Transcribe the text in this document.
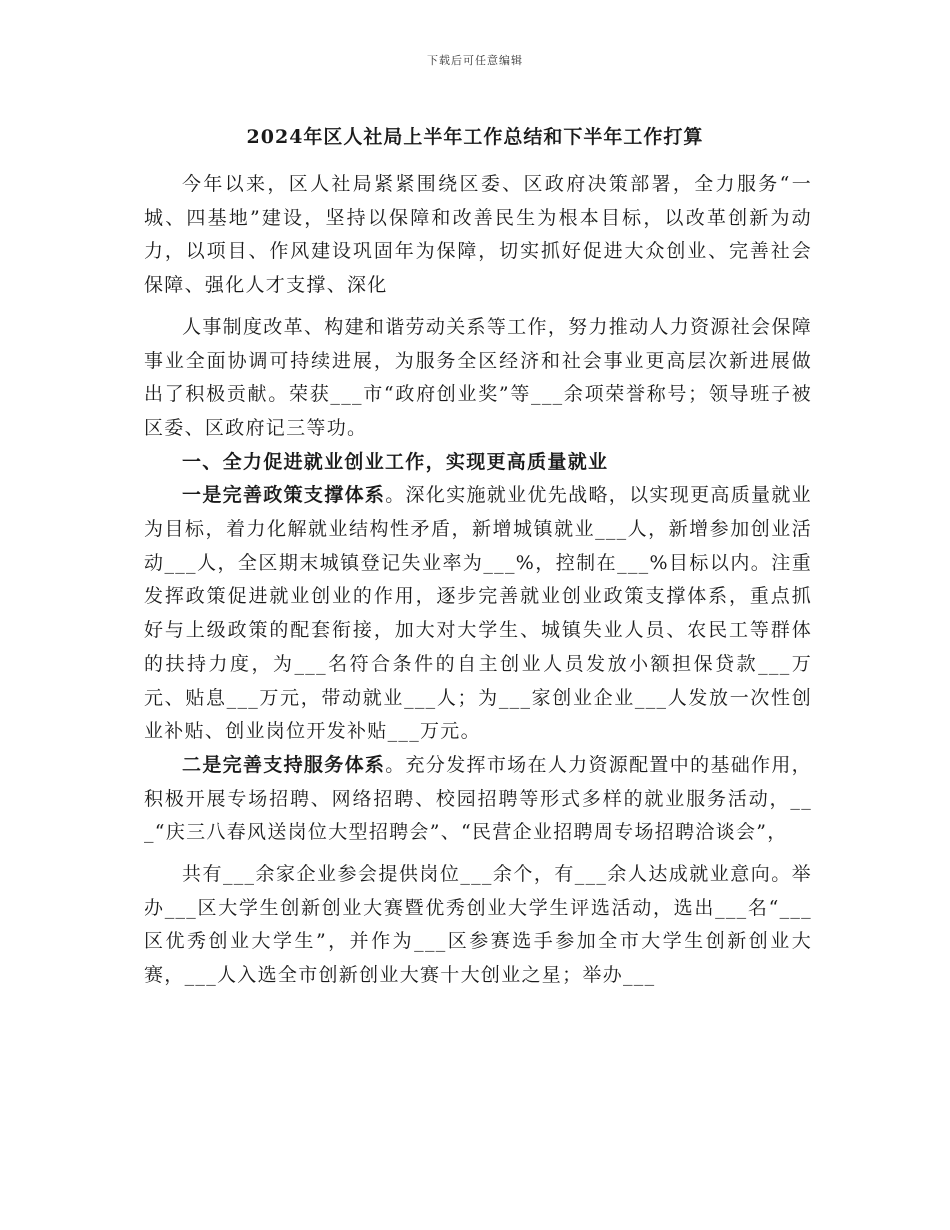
下载后可任意编辑
2024年区人社局上半年工作总结和下半年工作打算

今年以来，区人社局紧紧围绕区委、区政府决策部署，全力服务“一城、四基地”建设，坚持以保障和改善民生为根本目标，以改革创新为动力，以项目、作风建设巩固年为保障，切实抓好促进大众创业、完善社会保障、强化人才支撑、深化

人事制度改革、构建和谐劳动关系等工作，努力推动人力资源社会保障事业全面协调可持续进展，为服务全区经济和社会事业更高层次新进展做出了积极贡献。荣获___市“政府创业奖”等___余项荣誉称号；领导班子被区委、区政府记三等功。

一、全力促进就业创业工作，实现更高质量就业

一是完善政策支撑体系。深化实施就业优先战略，以实现更高质量就业为目标，着力化解就业结构性矛盾，新增城镇就业___人，新增参加创业活动___人，全区期末城镇登记失业率为___%，控制在___%目标以内。注重发挥政策促进就业创业的作用，逐步完善就业创业政策支撑体系，重点抓好与上级政策的配套衔接，加大对大学生、城镇失业人员、农民工等群体的扶持力度，为___名符合条件的自主创业人员发放小额担保贷款___万元、贴息___万元，带动就业___人；为___家创业企业___人发放一次性创业补贴、创业岗位开发补贴___万元。

二是完善支持服务体系。充分发挥市场在人力资源配置中的基础作用，积极开展专场招聘、网络招聘、校园招聘等形式多样的就业服务活动，___“庆三八春风送岗位大型招聘会”、“民营企业招聘周专场招聘洽谈会”，

共有___余家企业参会提供岗位___余个，有___余人达成就业意向。举办___区大学生创新创业大赛暨优秀创业大学生评选活动，选出___名“___区优秀创业大学生”，并作为___区参赛选手参加全市大学生创新创业大赛，___人入选全市创新创业大赛十大创业之星；举办___
